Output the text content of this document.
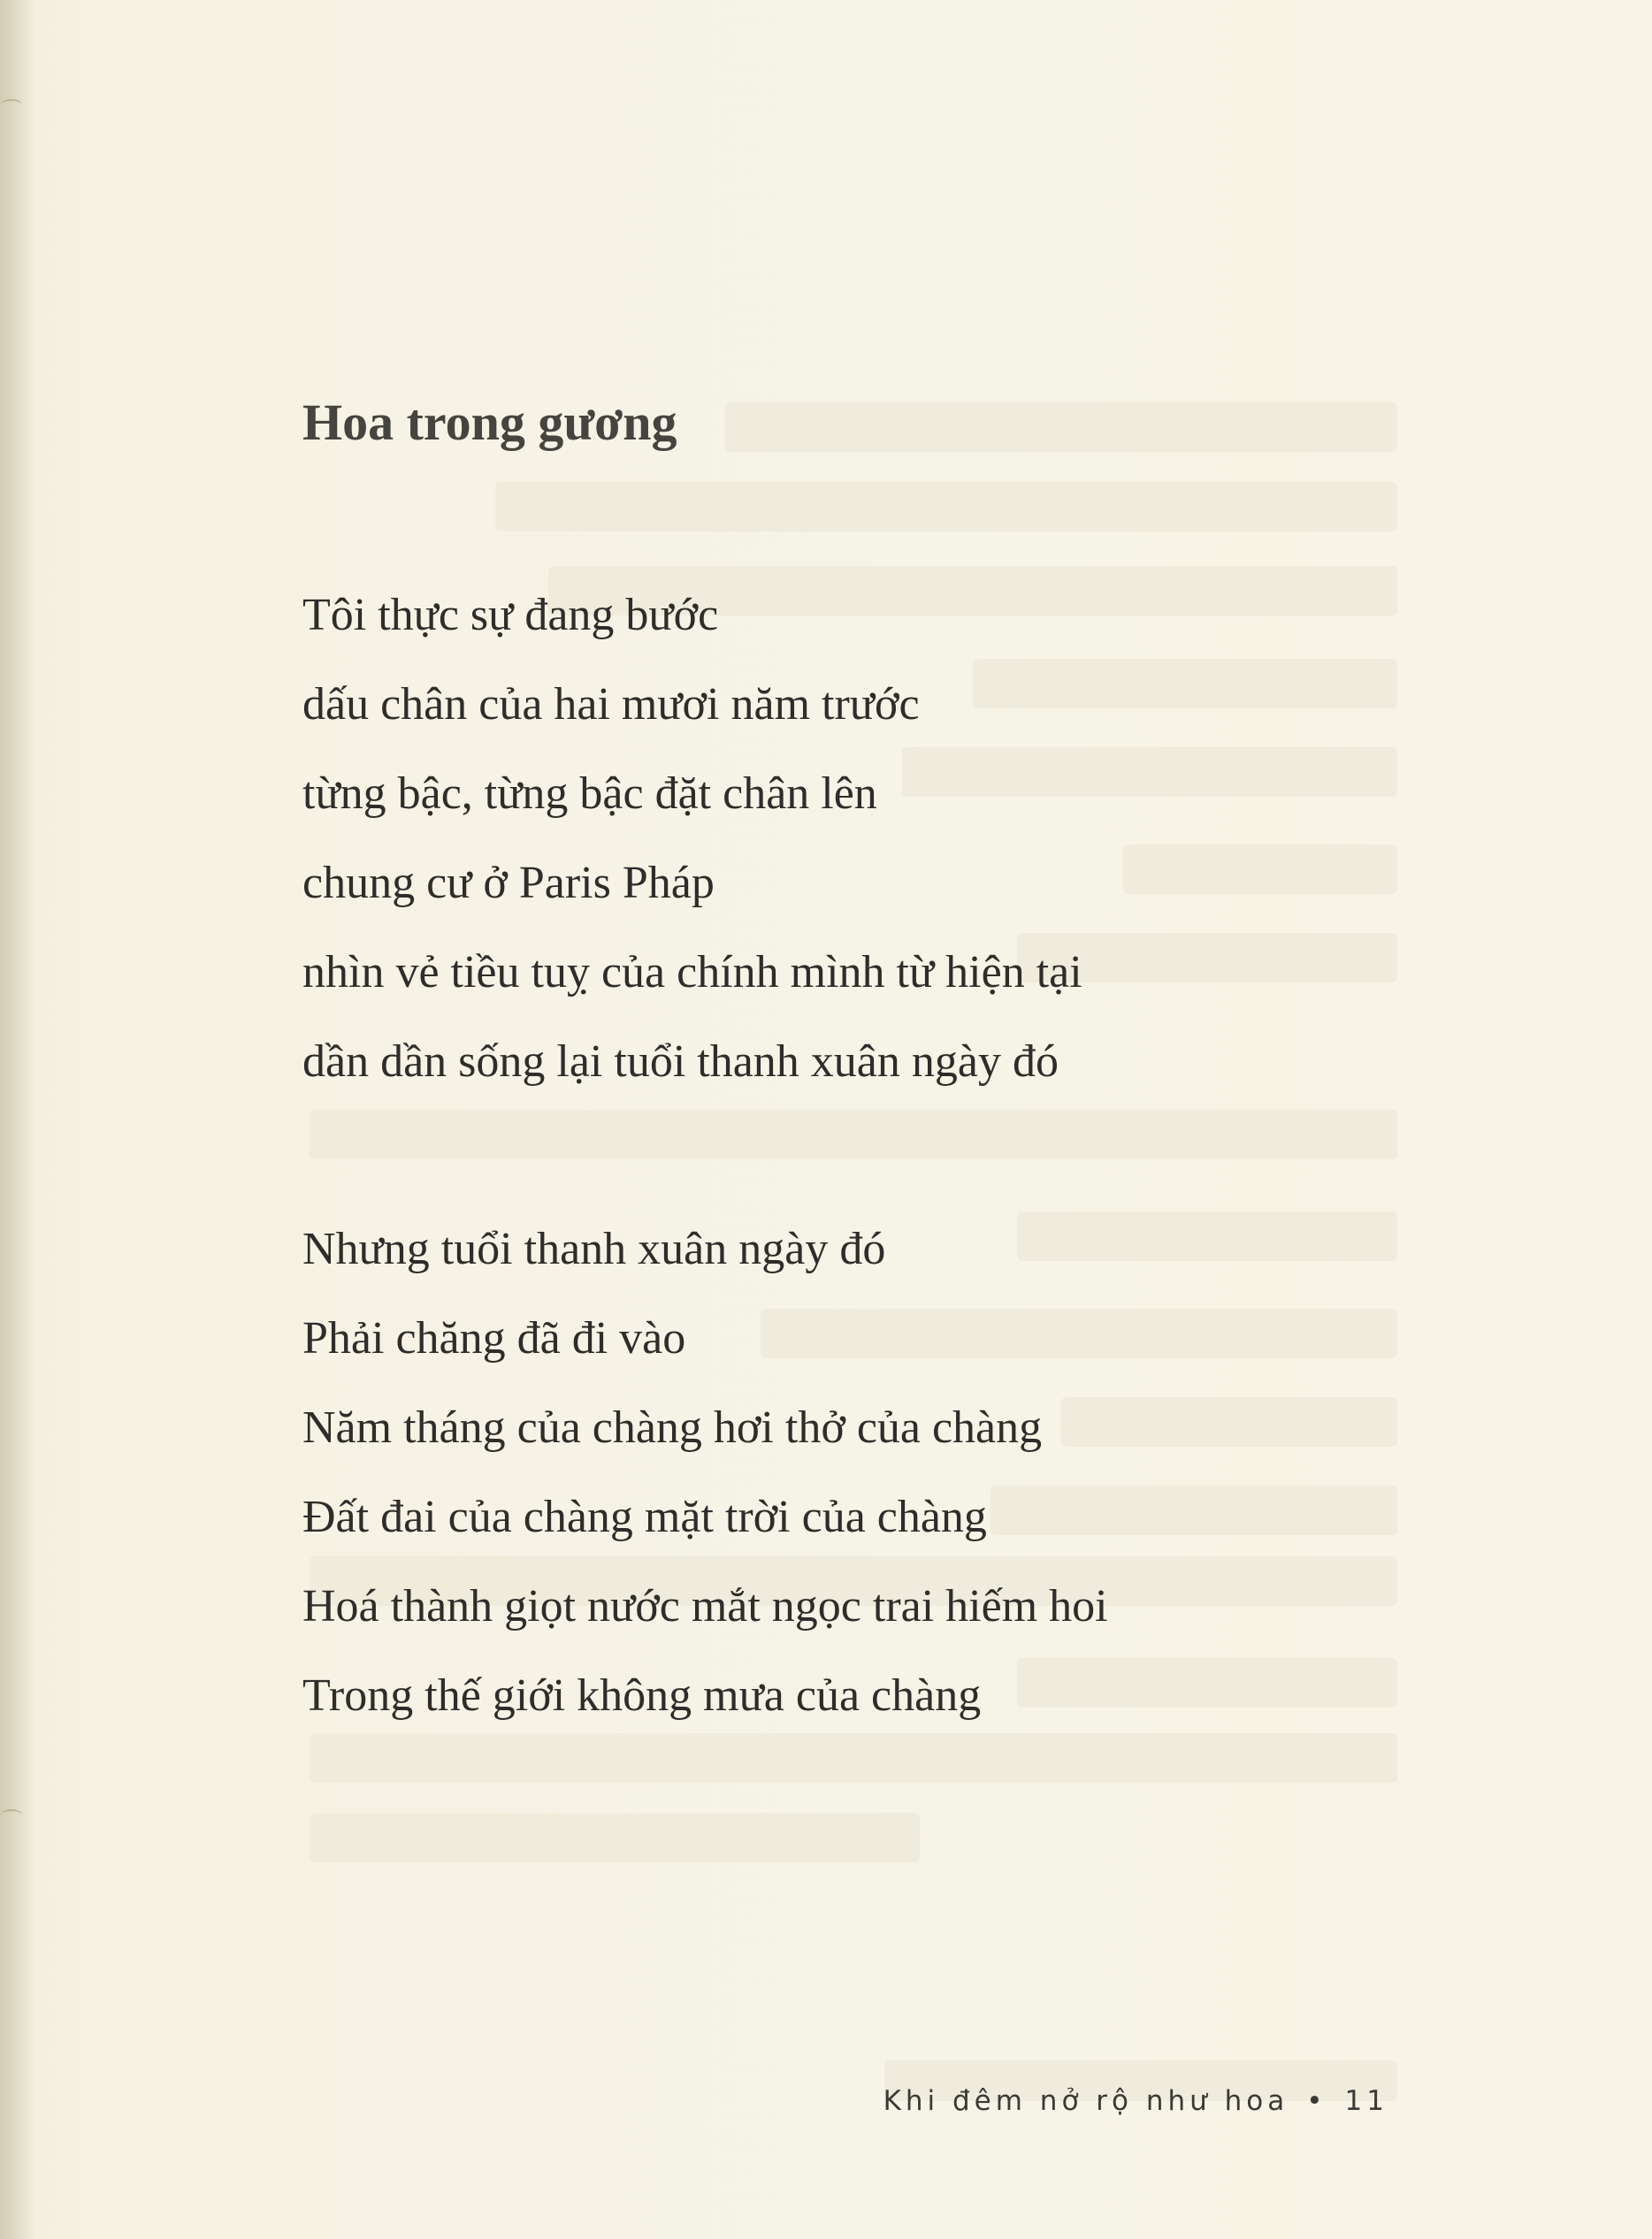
Hoa trong gương
Tôi thực sự đang bước
dấu chân của hai mươi năm trước
từng bậc, từng bậc đặt chân lên
chung cư ở Paris Pháp
nhìn vẻ tiều tuỵ của chính mình từ hiện tại
dần dần sống lại tuổi thanh xuân ngày đó
Nhưng tuổi thanh xuân ngày đó
Phải chăng đã đi vào
Năm tháng của chàng hơi thở của chàng
Đất đai của chàng mặt trời của chàng
Hoá thành giọt nước mắt ngọc trai hiếm hoi
Trong thế giới không mưa của chàng
Khi đêm nở rộ như hoa • 11
